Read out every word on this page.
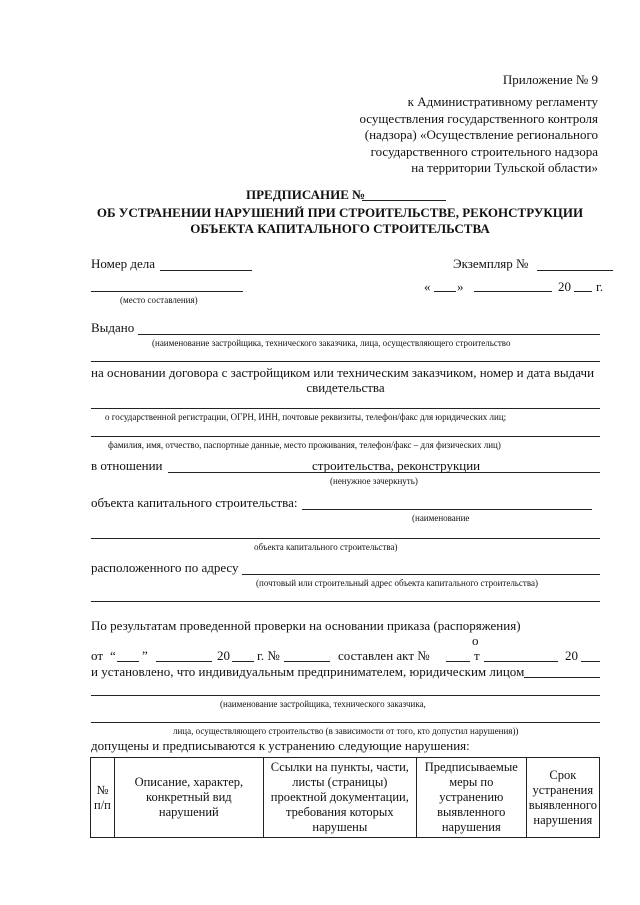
Приложение № 9
к Административному регламенту
осуществления государственного контроля
(надзора) «Осуществление регионального
государственного строительного надзора
на территории Тульской области»
ПРЕДПИСАНИЕ №
ОБ УСТРАНЕНИИ НАРУШЕНИЙ ПРИ СТРОИТЕЛЬСТВЕ, РЕКОНСТРУКЦИИ
ОБЪЕКТА КАПИТАЛЬНОГО СТРОИТЕЛЬСТВА
Номер дела	Экземпляр №
(место составления)
« »	20 г.
Выдано
(наименование застройщика, технического заказчика, лица, осуществляющего строительство
на основании договора с застройщиком или техническим заказчиком, номер и дата выдачи
свидетельства
о государственной регистрации, ОГРН, ИНН, почтовые реквизиты, телефон/факс для юридических лиц;
фамилия, имя, отчество, паспортные данные, место проживания, телефон/факс – для физических лиц)
в отношении	строительства, реконструкции
(ненужное зачеркнуть)
объекта капитального строительства:
(наименование
объекта капитального строительства)
расположенного по адресу
(почтовый или строительный адрес объекта капитального строительства)
По результатам проведенной проверки на основании приказа (распоряжения)
о
от “ ”	20 г. №	составлен акт №	т	20
и установлено, что индивидуальным предпринимателем, юридическим лицом
(наименование застройщика, технического заказчика,
лица, осуществляющего строительство (в зависимости от того, кто допустил нарушения))
допущены и предписываются к устранению следующие нарушения:
№ п/п	Описание, характер, конкретный вид нарушений	Ссылки на пункты, части, листы (страницы) проектной документации, требования которых нарушены	Предписываемые меры по устранению выявленного нарушения	Срок устранения выявленного нарушения
